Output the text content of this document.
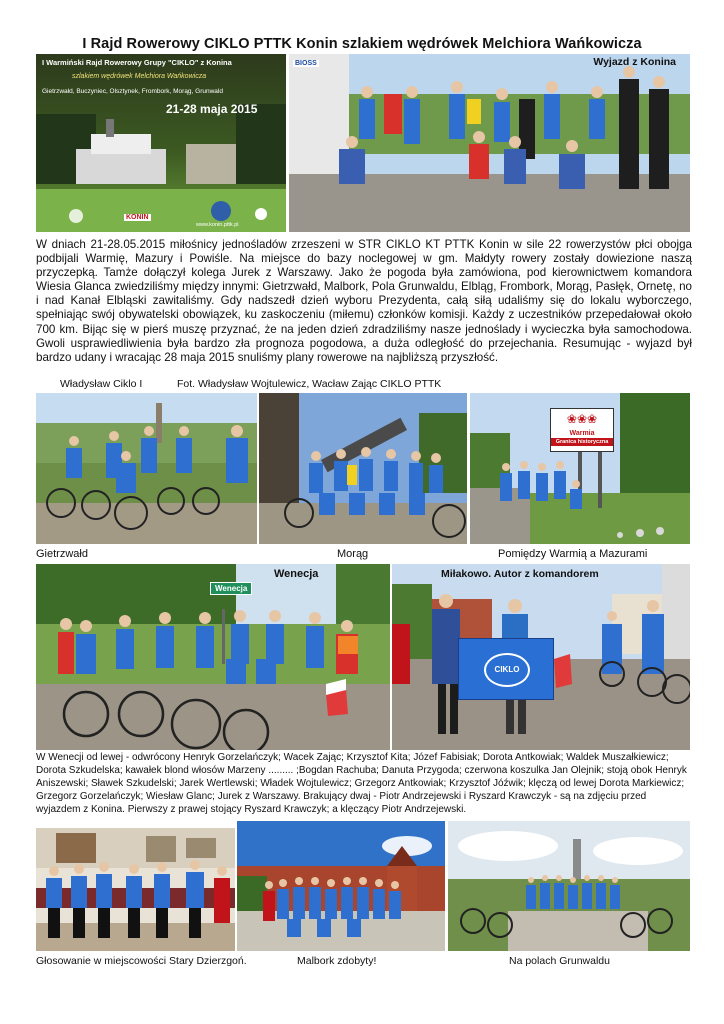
I Rajd Rowerowy CIKLO PTTK Konin szlakiem wędrówek Melchiora Wańkowicza
I Warmiński Rajd Rowerowy Grupy "CIKLO" z Konina
szlakiem wędrówek Melchiora Wańkowicza
Gietrzwałd, Buczyniec, Olsztynek, Frombork, Morąg, Grunwald
21-28 maja 2015
KONIN
www.konin.pttk.pl
BIOSS	Wyjazd z Konina
W dniach 21-28.05.2015 miłośnicy jednośladów zrzeszeni w STR CIKLO KT PTTK Konin w sile 22 rowerzystów płci obojga podbijali Warmię, Mazury i Powiśle. Na miejsce do bazy noclegowej w gm. Małdyty rowery zostały dowiezione naszą przyczepką. Tamże dołączył kolega Jurek z Warszawy. Jako że pogoda była zamówiona, pod kierownictwem komandora Wiesia Glanca zwiedziliśmy między innymi: Gietrzwałd, Malbork, Pola Grunwaldu, Elbląg, Frombork, Morąg, Pasłęk, Ornetę, no i nad Kanał Elbląski zawitaliśmy. Gdy nadszedł dzień wyboru Prezydenta, całą siłą udaliśmy się do lokalu wyborczego, spełniając swój obywatelski obowiązek, ku zaskoczeniu (miłemu) członków komisji. Każdy z uczestników przepedałował około 700 km. Bijąc się w pierś muszę przyznać, że na jeden dzień zdradziliśmy nasze jednoślady i wycieczka była samochodowa. Gwoli usprawiedliwienia była bardzo zła prognoza pogodowa, a duża odległość do przejechania. Resumując - wyjazd był bardzo udany i wracając 28 maja 2015 snuliśmy plany rowerowe na najbliższą przyszłość.
Władysław Ciklo I	Fot. Władysław Wojtulewicz, Wacław Zając CIKLO PTTK
❀❀❀
Warmia
Granica historyczna
Gietrzwałd	Morąg	Pomiędzy Warmią a Mazurami
Wenecja
Wenecja
CIKLO
Miłakowo. Autor z komandorem
W Wenecji od lewej - odwrócony Henryk Gorzelańczyk; Wacek Zając; Krzysztof Kita; Józef Fabisiak; Dorota Antkowiak; Waldek Muszałkiewicz; Dorota Szkudelska; kawałek blond włosów Marzeny ......... ;Bogdan Rachuba; Danuta Przygoda; czerwona koszulka Jan Olejnik; stoją obok Henryk Aniszewski; Sławek Szkudelski; Jarek Wertlewski; Władek Wojtulewicz; Grzegorz Antkowiak; Krzysztof Jóźwik; klęczą od lewej Dorota Markiewicz; Grzegorz Gorzelańczyk; Wiesław Glanc; Jurek z Warszawy. Brakujący dwaj - Piotr Andrzejewski i Ryszard Krawczyk - są na zdjęciu przed wyjazdem z Konina. Pierwszy z prawej stojący Ryszard Krawczyk; a klęczący Piotr Andrzejewski.
Głosowanie w miejscowości Stary Dzierzgoń.	Malbork zdobyty!	Na polach Grunwaldu
